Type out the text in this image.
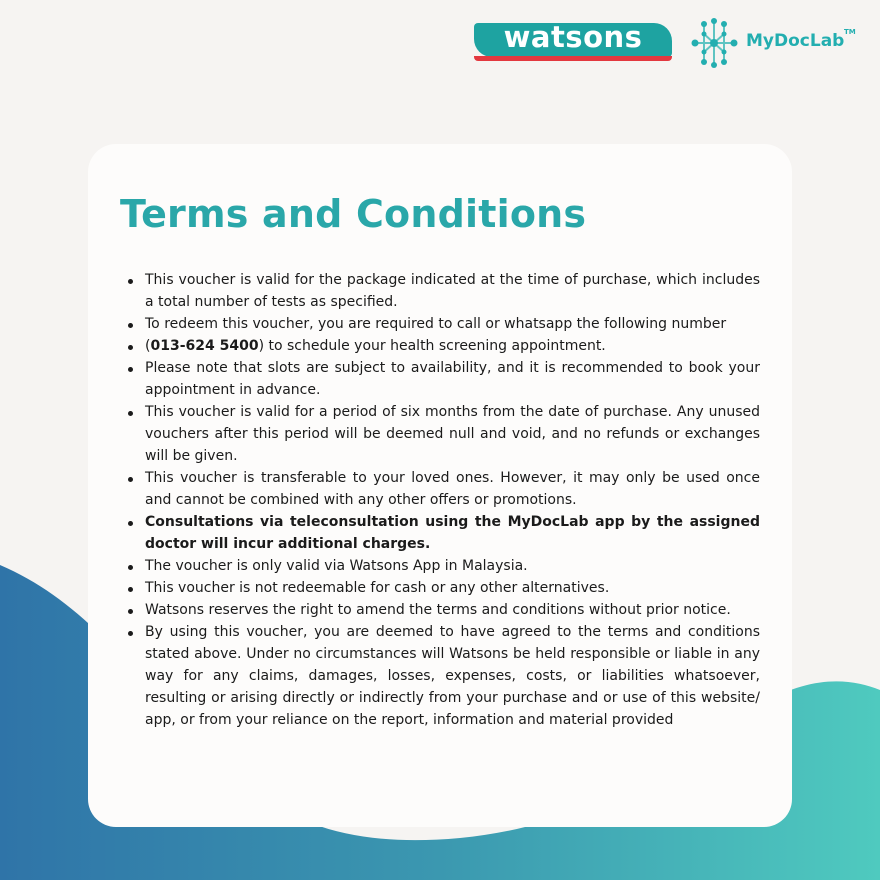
watsons	MyDocLab TM
Terms and Conditions
This voucher is valid for the package indicated at the time of purchase, which includes a total number of tests as specified.
To redeem this voucher, you are required to call or whatsapp the following number
(013-624 5400) to schedule your health screening appointment.
Please note that slots are subject to availability, and it is recommended to book your appointment in advance.
This voucher is valid for a period of six months from the date of purchase. Any unused vouchers after this period will be deemed null and void, and no refunds or exchanges will be given.
This voucher is transferable to your loved ones. However, it may only be used once and cannot be combined with any other offers or promotions.
Consultations via teleconsultation using the MyDocLab app by the assigned doctor will incur additional charges.
The voucher is only valid via Watsons App in Malaysia.
This voucher is not redeemable for cash or any other alternatives.
Watsons reserves the right to amend the terms and conditions without prior notice.
By using this voucher, you are deemed to have agreed to the terms and conditions stated above. Under no circumstances will Watsons be held responsible or liable in any way for any claims, damages, losses, expenses, costs, or liabilities whatsoever, resulting or arising directly or indirectly from your purchase and or use of this website/ app, or from your reliance on the report, information and material provided
